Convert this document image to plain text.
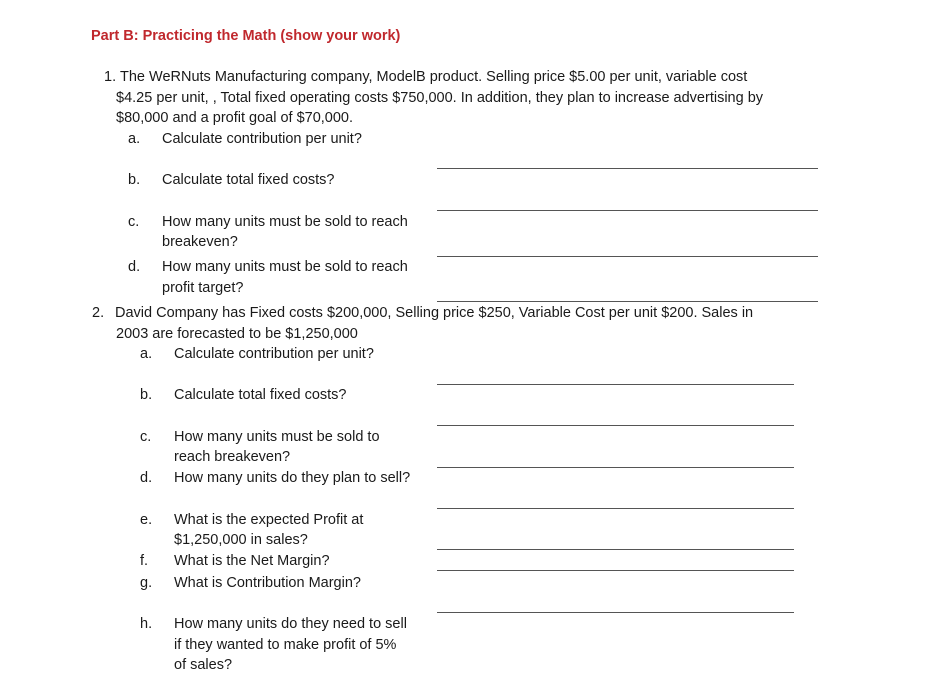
Part B: Practicing the Math (show your work)
1. The WeRNuts Manufacturing company, ModelB product. Selling price $5.00 per unit, variable cost
$4.25 per unit, , Total fixed operating costs $750,000. In addition, they plan to increase advertising by
$80,000 and a profit goal of $70,000.
a. Calculate contribution per unit?
b. Calculate total fixed costs?
c. How many units must be sold to reach
breakeven?
d. How many units must be sold to reach
profit target?
2. David Company has Fixed costs $200,000, Selling price $250, Variable Cost per unit $200. Sales in
2003 are forecasted to be $1,250,000
a. Calculate contribution per unit?
b. Calculate total fixed costs?
c. How many units must be sold to
reach breakeven?
d. How many units do they plan to sell?
e. What is the expected Profit at
$1,250,000 in sales?
f. What is the Net Margin?
g. What is Contribution Margin?
h. How many units do they need to sell
if they wanted to make profit of 5%
of sales?
